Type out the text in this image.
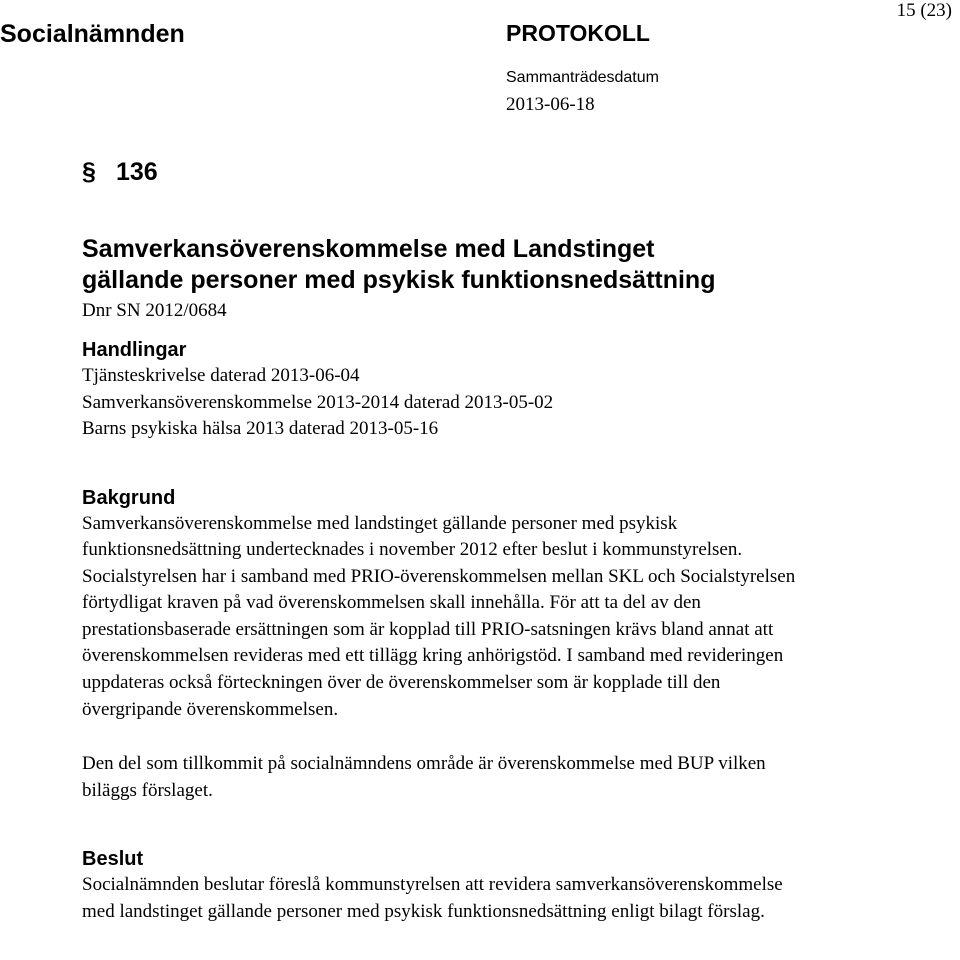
Socialnämnden	PROTOKOLL
15 (23)
Sammanträdesdatum
2013-06-18

§ 136

Samverkansöverenskommelse med Landstinget
gällande personer med psykisk funktionsnedsättning

Dnr SN 2012/0684

Handlingar
Tjänsteskrivelse daterad 2013-06-04
Samverkansöverenskommelse 2013-2014 daterad 2013-05-02
Barns psykiska hälsa 2013 daterad 2013-05-16
Bakgrund

Samverkansöverenskommelse med landstinget gällande personer med psykisk funktionsnedsättning undertecknades i november 2012 efter beslut i kommunstyrelsen. Socialstyrelsen har i samband med PRIO-överenskommelsen mellan SKL och Socialstyrelsen förtydligat kraven på vad överenskommelsen skall innehålla. För att ta del av den prestationsbaserade ersättningen som är kopplad till PRIO-satsningen krävs bland annat att överenskommelsen revideras med ett tillägg kring anhörigstöd. I samband med revideringen uppdateras också förteckningen över de överenskommelser som är kopplade till den övergripande överenskommelsen.

Den del som tillkommit på socialnämndens område är överenskommelse med BUP vilken biläggs förslaget.

Beslut

Socialnämnden beslutar föreslå kommunstyrelsen att revidera samverkansöverenskommelse med landstinget gällande personer med psykisk funktionsnedsättning enligt bilagt förslag.
